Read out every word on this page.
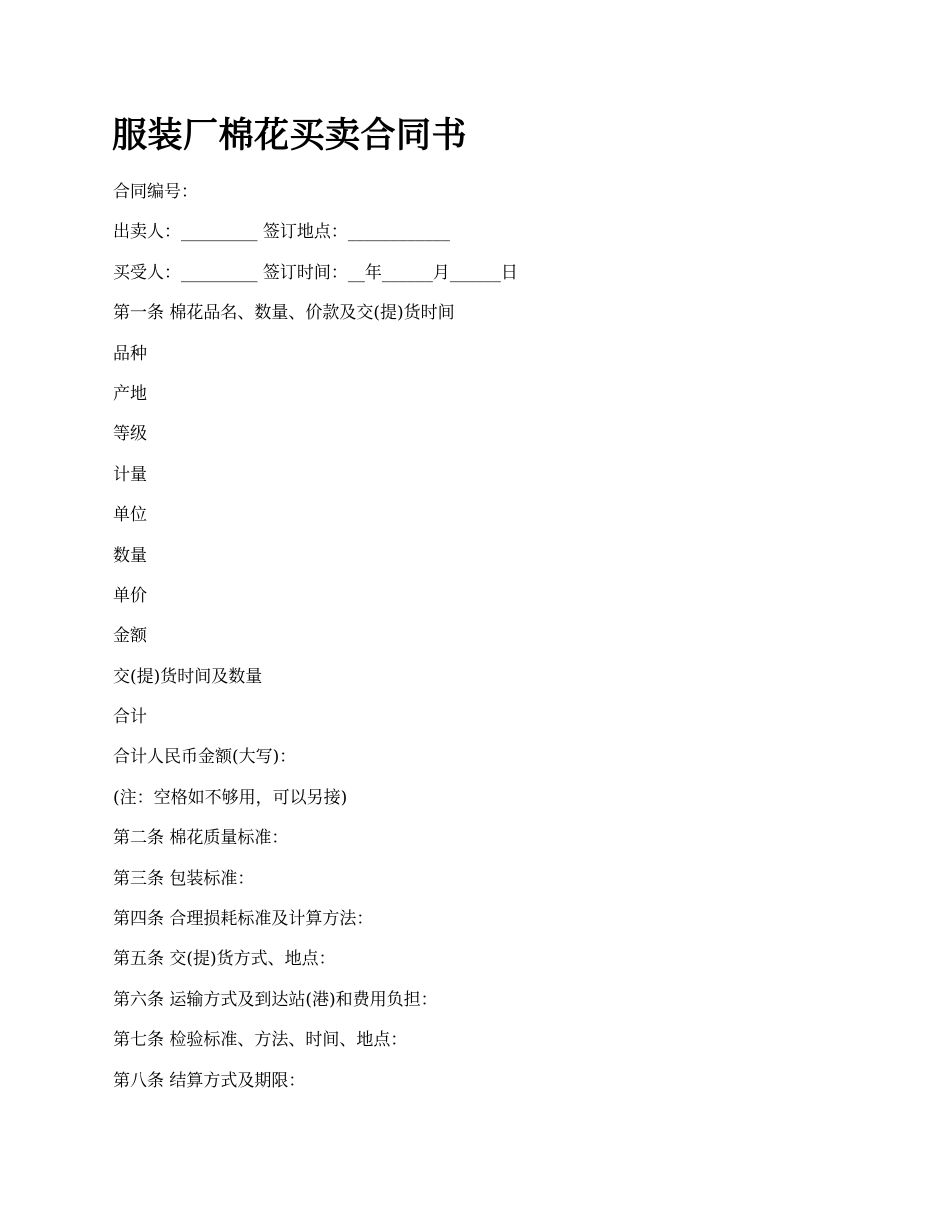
服装厂棉花买卖合同书
合同编号：
出卖人：_________ 签订地点：____________
买受人：_________ 签订时间：__年______月______日
第一条 棉花品名、数量、价款及交(提)货时间
品种
产地
等级
计量
单位
数量
单价
金额
交(提)货时间及数量
合计
合计人民币金额(大写)：
(注：空格如不够用，可以另接)
第二条 棉花质量标准：
第三条 包装标准：
第四条 合理损耗标准及计算方法：
第五条 交(提)货方式、地点：
第六条 运输方式及到达站(港)和费用负担：
第七条 检验标准、方法、时间、地点：
第八条 结算方式及期限：
